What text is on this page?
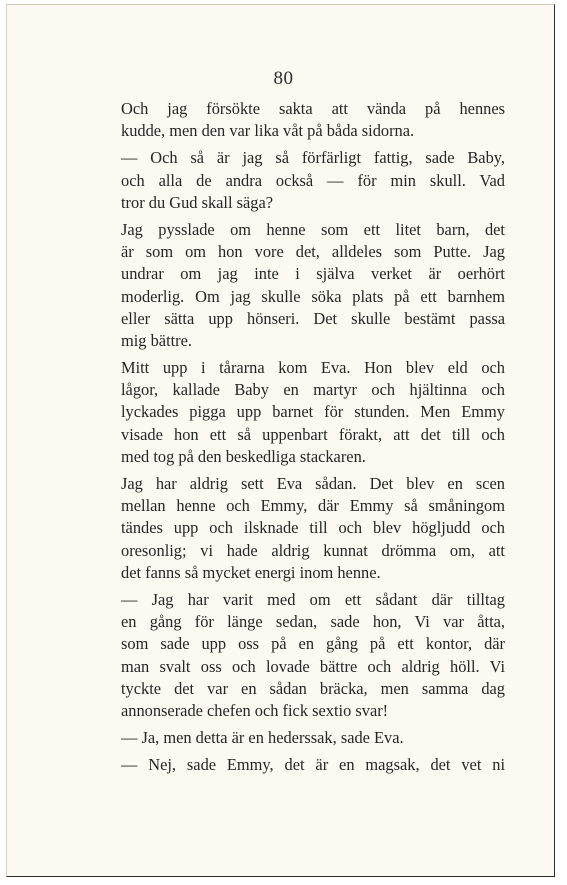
80

Och jag försökte sakta att vända på hennes
kudde, men den var lika våt på båda sidorna.

— Och så är jag så förfärligt fattig, sade Baby,
och alla de andra också — för min skull. Vad
tror du Gud skall säga?

Jag pysslade om henne som ett litet barn, det
är som om hon vore det, alldeles som Putte. Jag
undrar om jag inte i själva verket är oerhört
moderlig. Om jag skulle söka plats på ett barnhem
eller sätta upp hönseri. Det skulle bestämt passa
mig bättre.

Mitt upp i tårarna kom Eva. Hon blev eld och
lågor, kallade Baby en martyr och hjältinna och
lyckades pigga upp barnet för stunden. Men Emmy
visade hon ett så uppenbart förakt, att det till och
med tog på den beskedliga stackaren.

Jag har aldrig sett Eva sådan. Det blev en scen
mellan henne och Emmy, där Emmy så småningom
tändes upp och ilsknade till och blev högljudd och
oresonlig; vi hade aldrig kunnat drömma om, att
det fanns så mycket energi inom henne.

— Jag har varit med om ett sådant där tilltag
en gång för länge sedan, sade hon, Vi var åtta,
som sade upp oss på en gång på ett kontor, där
man svalt oss och lovade bättre och aldrig höll. Vi
tyckte det var en sådan bräcka, men samma dag
annonserade chefen och fick sextio svar!

— Ja, men detta är en hederssak, sade Eva.

— Nej, sade Emmy, det är en magsak, det vet ni
